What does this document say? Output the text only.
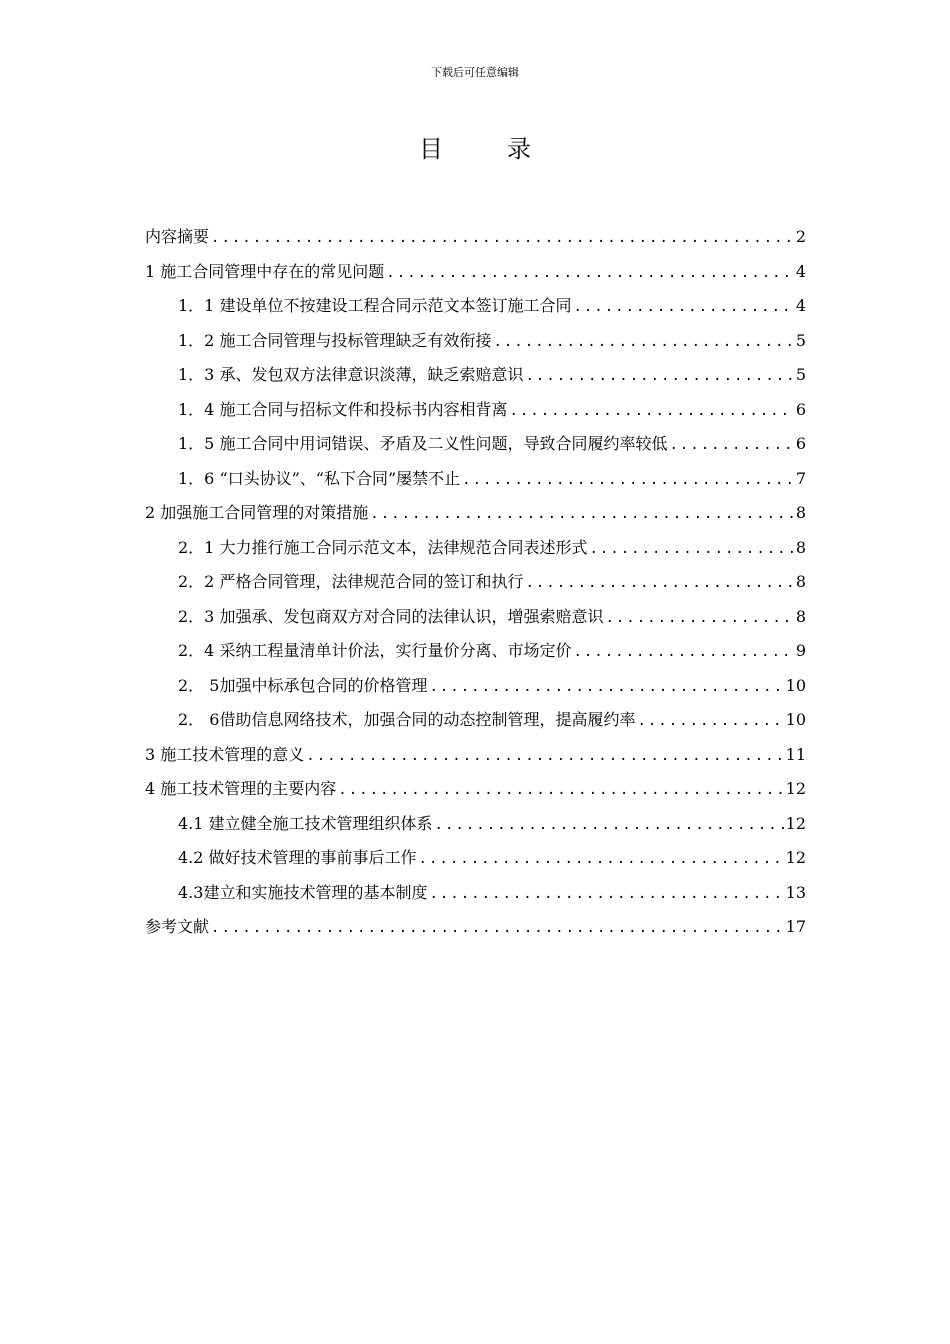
下载后可任意编辑
目	录
内容摘要 .....	2
1 施工合同管理中存在的常见问题 .....	4
1．1 建设单位不按建设工程合同示范文本签订施工合同 .....	4
1．2 施工合同管理与投标管理缺乏有效衔接 .....	5
1．3 承、发包双方法律意识淡薄，缺乏索赔意识 .....	5
1．4 施工合同与招标文件和投标书内容相背离 .....	6
1．5 施工合同中用词错误、矛盾及二义性问题，导致合同履约率较低 .....	6
1．6 “口头协议”、“私下合同”屡禁不止 .....	7
2 加强施工合同管理的对策措施 .....	8
2．1 大力推行施工合同示范文本，法律规范合同表述形式 .....	8
2．2 严格合同管理，法律规范合同的签订和执行 .....	8
2．3 加强承、发包商双方对合同的法律认识，增强索赔意识 .....	8
2．4 采纳工程量清单计价法，实行量价分离、市场定价 .....	9
2． 5加强中标承包合同的价格管理 .....	10
2． 6借助信息网络技术，加强合同的动态控制管理，提高履约率 .....	10
3 施工技术管理的意义 .....	11
4 施工技术管理的主要内容 .....	12
4.1 建立健全施工技术管理组织体系 .....	12
4.2 做好技术管理的事前事后工作 .....	12
4.3建立和实施技术管理的基本制度 .....	13
参考文献 .....	17
